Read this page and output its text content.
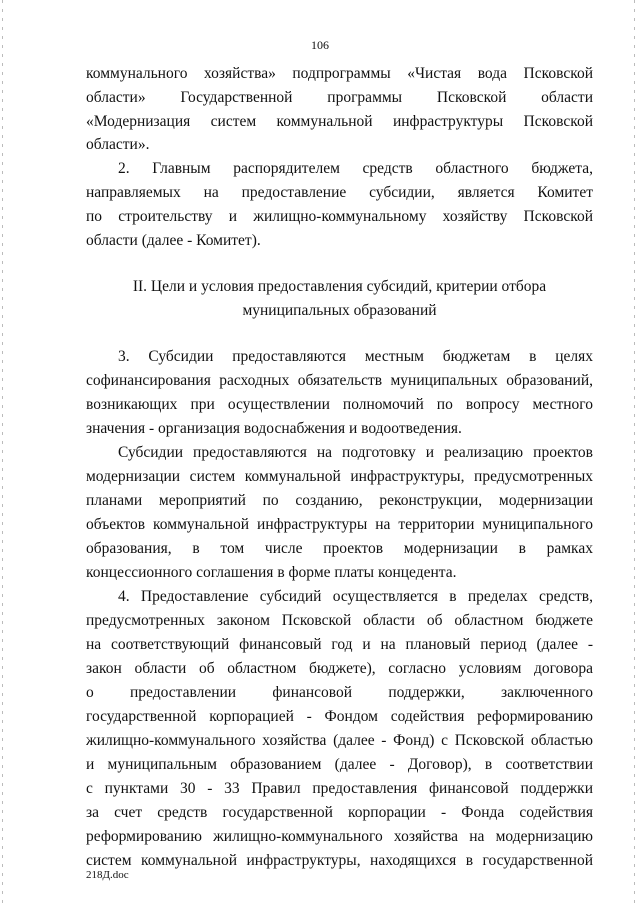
106
коммунального хозяйства» подпрограммы «Чистая вода Псковской
области» Государственной программы Псковской области
«Модернизация систем коммунальной инфраструктуры Псковской
области».
2. Главным распорядителем средств областного бюджета,
направляемых на предоставление субсидии, является Комитет
по строительству и жилищно-коммунальному хозяйству Псковской
области (далее - Комитет).
II. Цели и условия предоставления субсидий, критерии отбора
муниципальных образований
3. Субсидии предоставляются местным бюджетам в целях
софинансирования расходных обязательств муниципальных образований,
возникающих при осуществлении полномочий по вопросу местного
значения - организация водоснабжения и водоотведения.
Субсидии предоставляются на подготовку и реализацию проектов
модернизации систем коммунальной инфраструктуры, предусмотренных
планами мероприятий по созданию, реконструкции, модернизации
объектов коммунальной инфраструктуры на территории муниципального
образования, в том числе проектов модернизации в рамках
концессионного соглашения в форме платы концедента.
4. Предоставление субсидий осуществляется в пределах средств,
предусмотренных законом Псковской области об областном бюджете
на соответствующий финансовый год и на плановый период (далее -
закон области об областном бюджете), согласно условиям договора
о предоставлении финансовой поддержки, заключенного
государственной корпорацией - Фондом содействия реформированию
жилищно-коммунального хозяйства (далее - Фонд) с Псковской областью
и муниципальным образованием (далее - Договор), в соответствии
с пунктами 30 - 33 Правил предоставления финансовой поддержки
за счет средств государственной корпорации - Фонда содействия
реформированию жилищно-коммунального хозяйства на модернизацию
систем коммунальной инфраструктуры, находящихся в государственной
218Д.doc
